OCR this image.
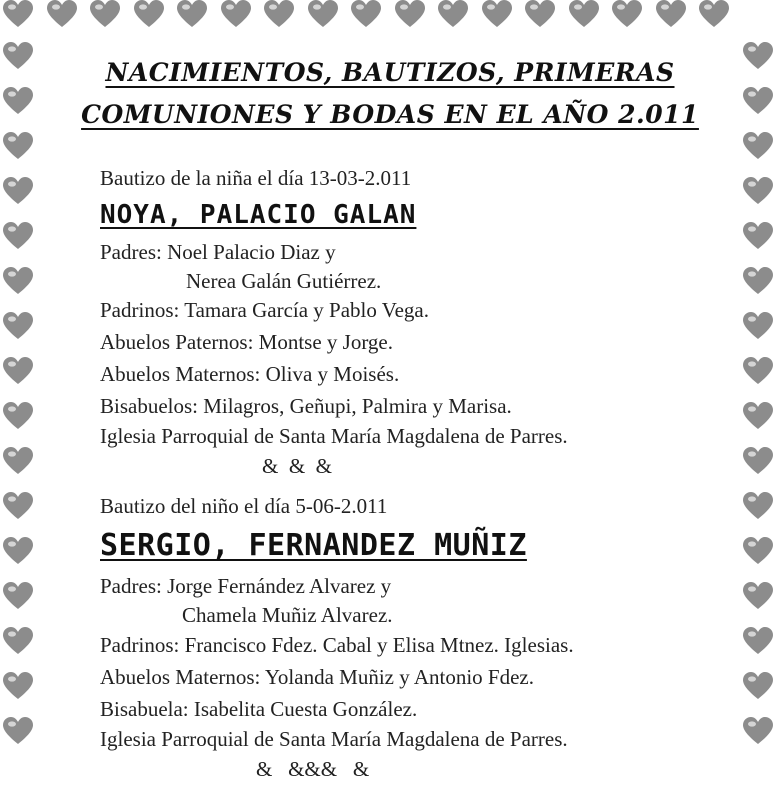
NACIMIENTOS, BAUTIZOS, PRIMERAS
COMUNIONES Y BODAS EN EL AÑO 2.011
Bautizo de la niña el día 13-03-2.011
NOYA, PALACIO GALAN
Padres: Noel Palacio Diaz y
Nerea Galán Gutiérrez.
Padrinos: Tamara García y Pablo Vega.
Abuelos Paternos: Montse y Jorge.
Abuelos Maternos: Oliva y Moisés.
Bisabuelos: Milagros, Geñupi, Palmira y Marisa.
Iglesia Parroquial de Santa María Magdalena de Parres.
&  &  &
Bautizo del niño el día 5-06-2.011
SERGIO, FERNANDEZ MUÑIZ
Padres: Jorge Fernández Alvarez y
Chamela Muñiz Alvarez.
Padrinos: Francisco Fdez. Cabal y Elisa Mtnez. Iglesias.
Abuelos Maternos: Yolanda Muñiz y Antonio Fdez.
Bisabuela: Isabelita Cuesta González.
Iglesia Parroquial de Santa María Magdalena de Parres.
&   &&&   &
